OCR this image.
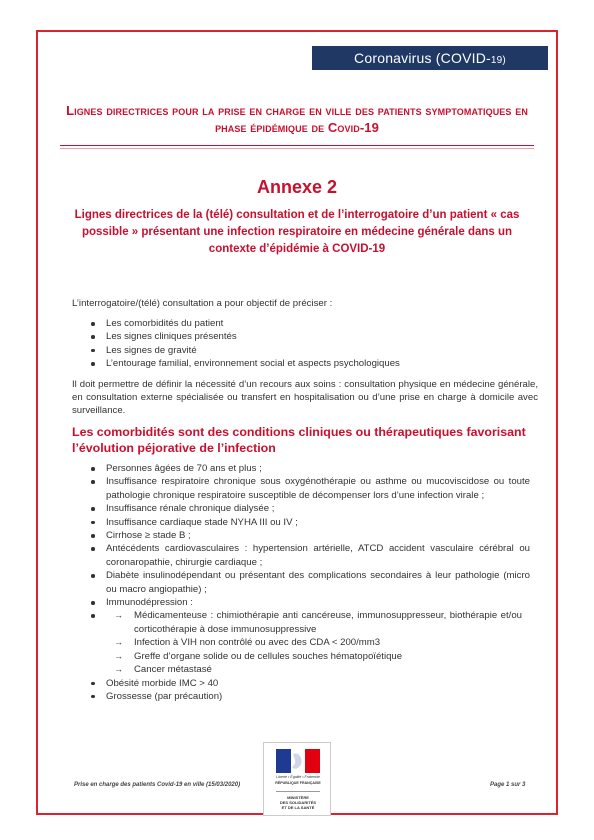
Coronavirus (COVID-19)
Lignes directrices pour la prise en charge en ville des patients symptomatiques en phase épidémique de Covid-19
Annexe 2
Lignes directrices de la (télé) consultation et de l’interrogatoire d’un patient « cas possible » présentant une infection respiratoire en médecine générale dans un contexte d’épidémie à COVID-19
L’interrogatoire/(télé) consultation a pour objectif de préciser :
Les comorbidités du patient
Les signes cliniques présentés
Les signes de gravité
L’entourage familial, environnement social et aspects psychologiques
Il doit permettre de définir la nécessité d’un recours aux soins : consultation physique en médecine générale, en consultation externe spécialisée ou transfert en hospitalisation ou d’une prise en charge à domicile avec surveillance.
Les comorbidités sont des conditions cliniques ou thérapeutiques favorisant l’évolution péjorative de l’infection
Personnes âgées de 70 ans et plus ;
Insuffisance respiratoire chronique sous oxygénothérapie ou asthme ou mucoviscidose ou toute pathologie chronique respiratoire susceptible de décompenser lors d’une infection virale ;
Insuffisance rénale chronique dialysée ;
Insuffisance cardiaque stade NYHA III ou IV ;
Cirrhose ≥ stade B ;
Antécédents cardiovasculaires : hypertension artérielle, ATCD accident vasculaire cérébral ou coronaropathie, chirurgie cardiaque ;
Diabète insulinodépendant ou présentant des complications secondaires à leur pathologie (micro ou macro angiopathie) ;
Immunodépression :
→ Médicamenteuse : chimiothérapie anti cancéreuse, immunosuppresseur, biothérapie et/ou corticothérapie à dose immunosuppressive
→ Infection à VIH non contrôlé ou avec des CDA < 200/mm3
→ Greffe d’organe solide ou de cellules souches hématopoïétique
→ Cancer métastasé
Obésité morbide IMC > 40
Grossesse (par précaution)
Prise en charge des patients Covid-19 en ville (15/03/2020)	Page 1 sur 3
Liberté • Égalité • Fraternité
RÉPUBLIQUE FRANÇAISE
MINISTÈRE
DES SOLIDARITÉS
ET DE LA SANTÉ
